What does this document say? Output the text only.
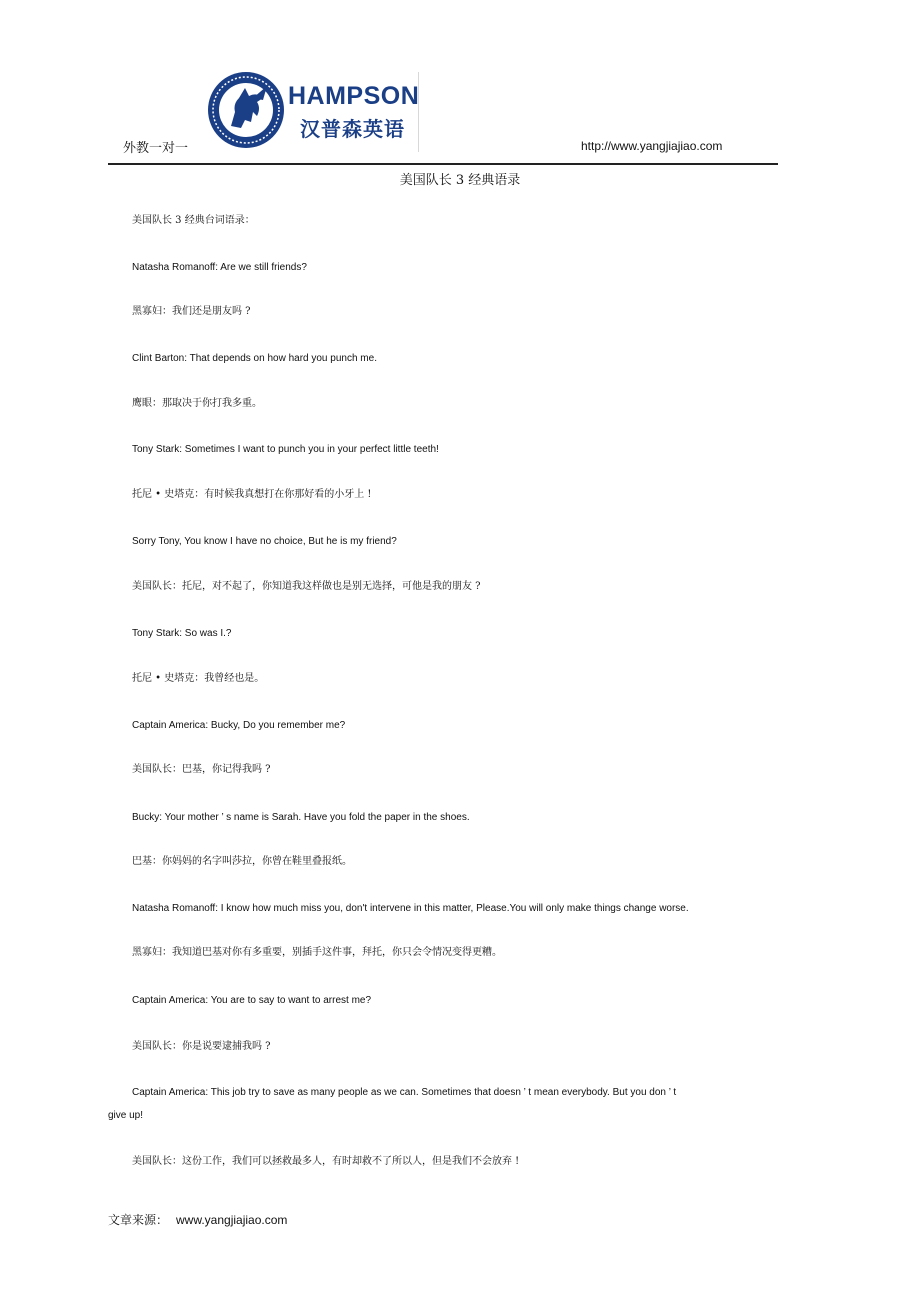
外教一对一
HAMPSON
汉普森英语
http://www.yangjiajiao.com
美国队长 3 经典语录
美国队长 3 经典台词语录：
Natasha Romanoff: Are we still friends?
黑寡妇：我们还是朋友吗 ?
Clint Barton: That depends on how hard you punch me.
鹰眼：那取决于你打我多重。
Tony Stark: Sometimes I want to punch you in your perfect little teeth!
托尼 • 史塔克：有时候我真想打在你那好看的小牙上 !
Sorry Tony, You know I have no choice, But he is my friend?
美国队长：托尼，对不起了，你知道我这样做也是别无选择，可他是我的朋友 ?
Tony Stark: So was I.?
托尼 • 史塔克：我曾经也是。
Captain America: Bucky, Do you remember me?
美国队长：巴基，你记得我吗 ?
Bucky: Your mother ’ s name is Sarah. Have you fold the paper in the shoes.
巴基：你妈妈的名字叫莎拉，你曾在鞋里叠报纸。
Natasha Romanoff: I know how much miss you, don't intervene in this matter, Please.You will only make things change worse.
黑寡妇：我知道巴基对你有多重要，别插手这件事，拜托，你只会令情况变得更糟。
Captain America: You are to say to want to arrest me?
美国队长：你是说要逮捕我吗 ?
Captain America: This job try to save as many people as we can. Sometimes that doesn ’ t mean everybody. But you don ’ t
give up!
美国队长：这份工作，我们可以拯救最多人，有时却救不了所以人，但是我们不会放弃 !
文章来源： www.yangjiajiao.com
